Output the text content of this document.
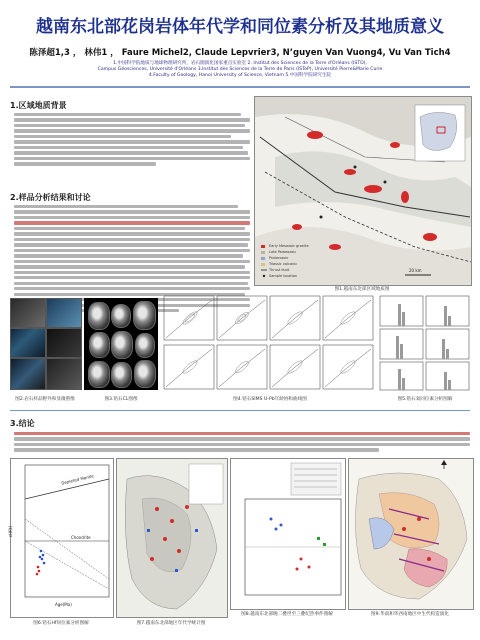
越南东北部花岗岩体年代学和同位素分析及其地质意义
陈泽超1,3 ， 林伟1 ， Faure Michel2, Claude Lepvrier3, N’guyen Van Vuong4, Vu Van Tich4
1.中国科学院地质与地球物理研究所，岩石圈演化国家重点实验室 2. Institut des Sciences de la Terre d'Orléans (ISTO),
Campus Géosciences, Université d'Orléans 3.Institut des Sciences de la Terre de Paris (ISTeP), Université Pierre&Marie Curie
4.Faculty of Geology, Hanoi University of Science, Vietnam 5.中国科学院研究生院
1.区域地质背景
2.样品分析结果和讨论
Early Mesozoic granite
Late Palaeozoic
Proterozoic
Triassic volcanic
Thrust fault
Sample location
20 km
图1.越南东北部区域地质图
图2.岩石样品野外和显微照像	图3.锆石CL图像	图4.锆石SIMS U-Pb年龄协和曲线图	图5.锆石氧同位素分析图解
3.结论
Depleted Mantle
Chondrite
εHf(t)
Age(Ma)
图6.锆石Hf同位素分析图解	图7.越南东北部地区年代学统计图
图8.越南东北部晚二叠世至三叠纪热事件图解	图9.华南和华西南地区中生代构造演化
